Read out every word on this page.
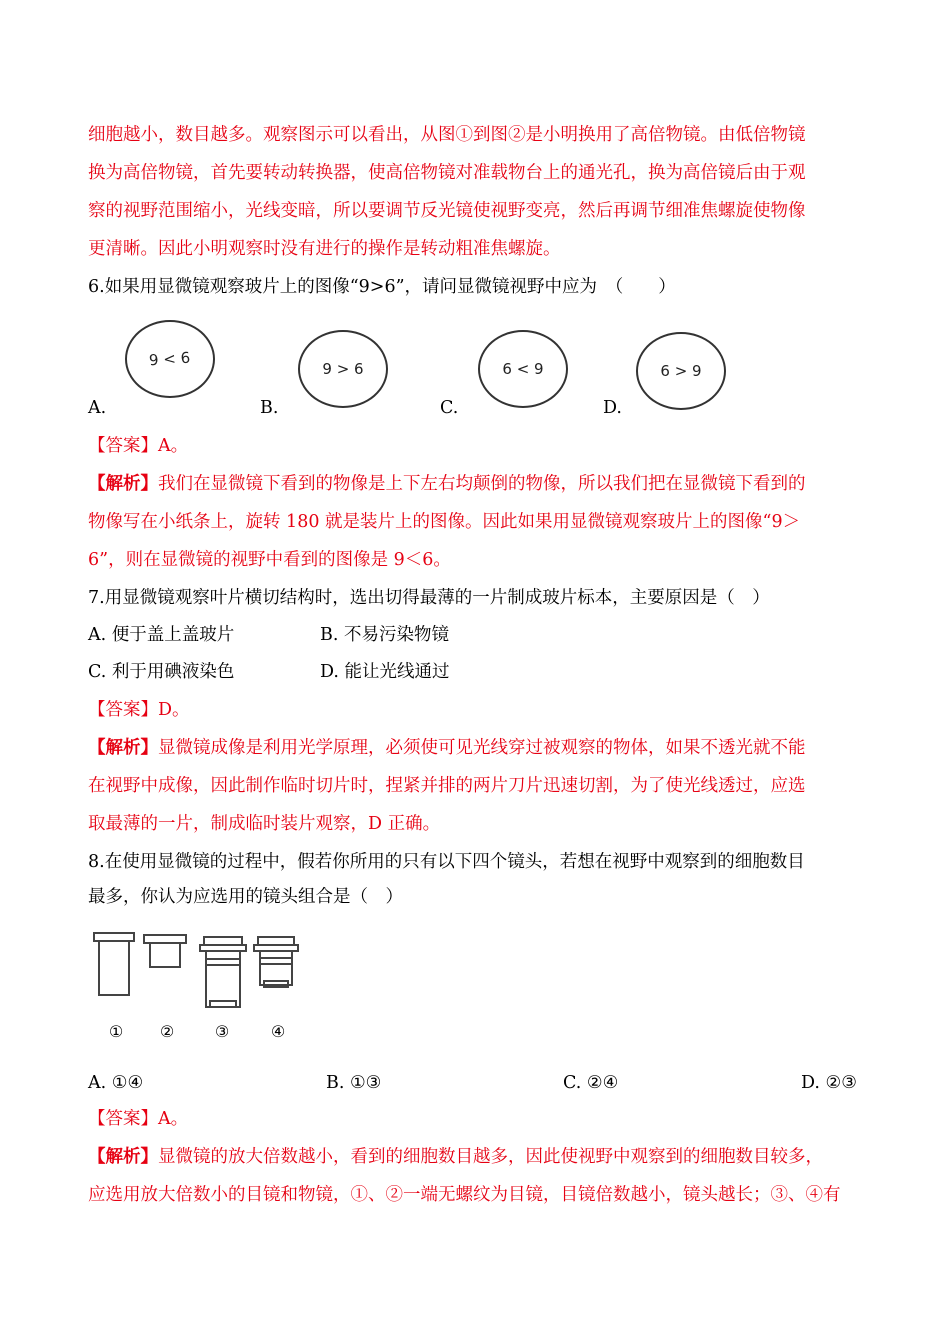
细胞越小，数目越多。观察图示可以看出，从图①到图②是小明换用了高倍物镜。由低倍物镜
换为高倍物镜，首先要转动转换器，使高倍物镜对准载物台上的通光孔，换为高倍镜后由于观
察的视野范围缩小，光线变暗，所以要调节反光镜使视野变亮，然后再调节细准焦螺旋使物像
更清晰。因此小明观察时没有进行的操作是转动粗准焦螺旋。
6.如果用显微镜观察玻片上的图像“9>6”，请问显微镜视野中应为　（　　）
9 < 6	9 > 6	6 < 9	6 > 9
A.	B.	C.	D.
【答案】A。
【解析】我们在显微镜下看到的物像是上下左右均颠倒的物像，所以我们把在显微镜下看到的
物像写在小纸条上，旋转 180 就是装片上的图像。因此如果用显微镜观察玻片上的图像“9＞
6”，则在显微镜的视野中看到的图像是 9＜6。
7.用显微镜观察叶片横切结构时，选出切得最薄的一片制成玻片标本，主要原因是（　）
A. 便于盖上盖玻片	B. 不易污染物镜
C. 利于用碘液染色	D. 能让光线通过
【答案】D。
【解析】显微镜成像是利用光学原理，必须使可见光线穿过被观察的物体，如果不透光就不能
在视野中成像，因此制作临时切片时，捏紧并排的两片刀片迅速切割，为了使光线透过，应选
取最薄的一片，制成临时装片观察，D 正确。
8.在使用显微镜的过程中，假若你所用的只有以下四个镜头，若想在视野中观察到的细胞数目
最多，你认为应选用的镜头组合是（　）
①	②	③	④
A. ①④	B. ①③	C. ②④	D. ②③
【答案】A。
【解析】显微镜的放大倍数越小，看到的细胞数目越多，因此使视野中观察到的细胞数目较多，
应选用放大倍数小的目镜和物镜，①、②一端无螺纹为目镜，目镜倍数越小，镜头越长；③、④有
